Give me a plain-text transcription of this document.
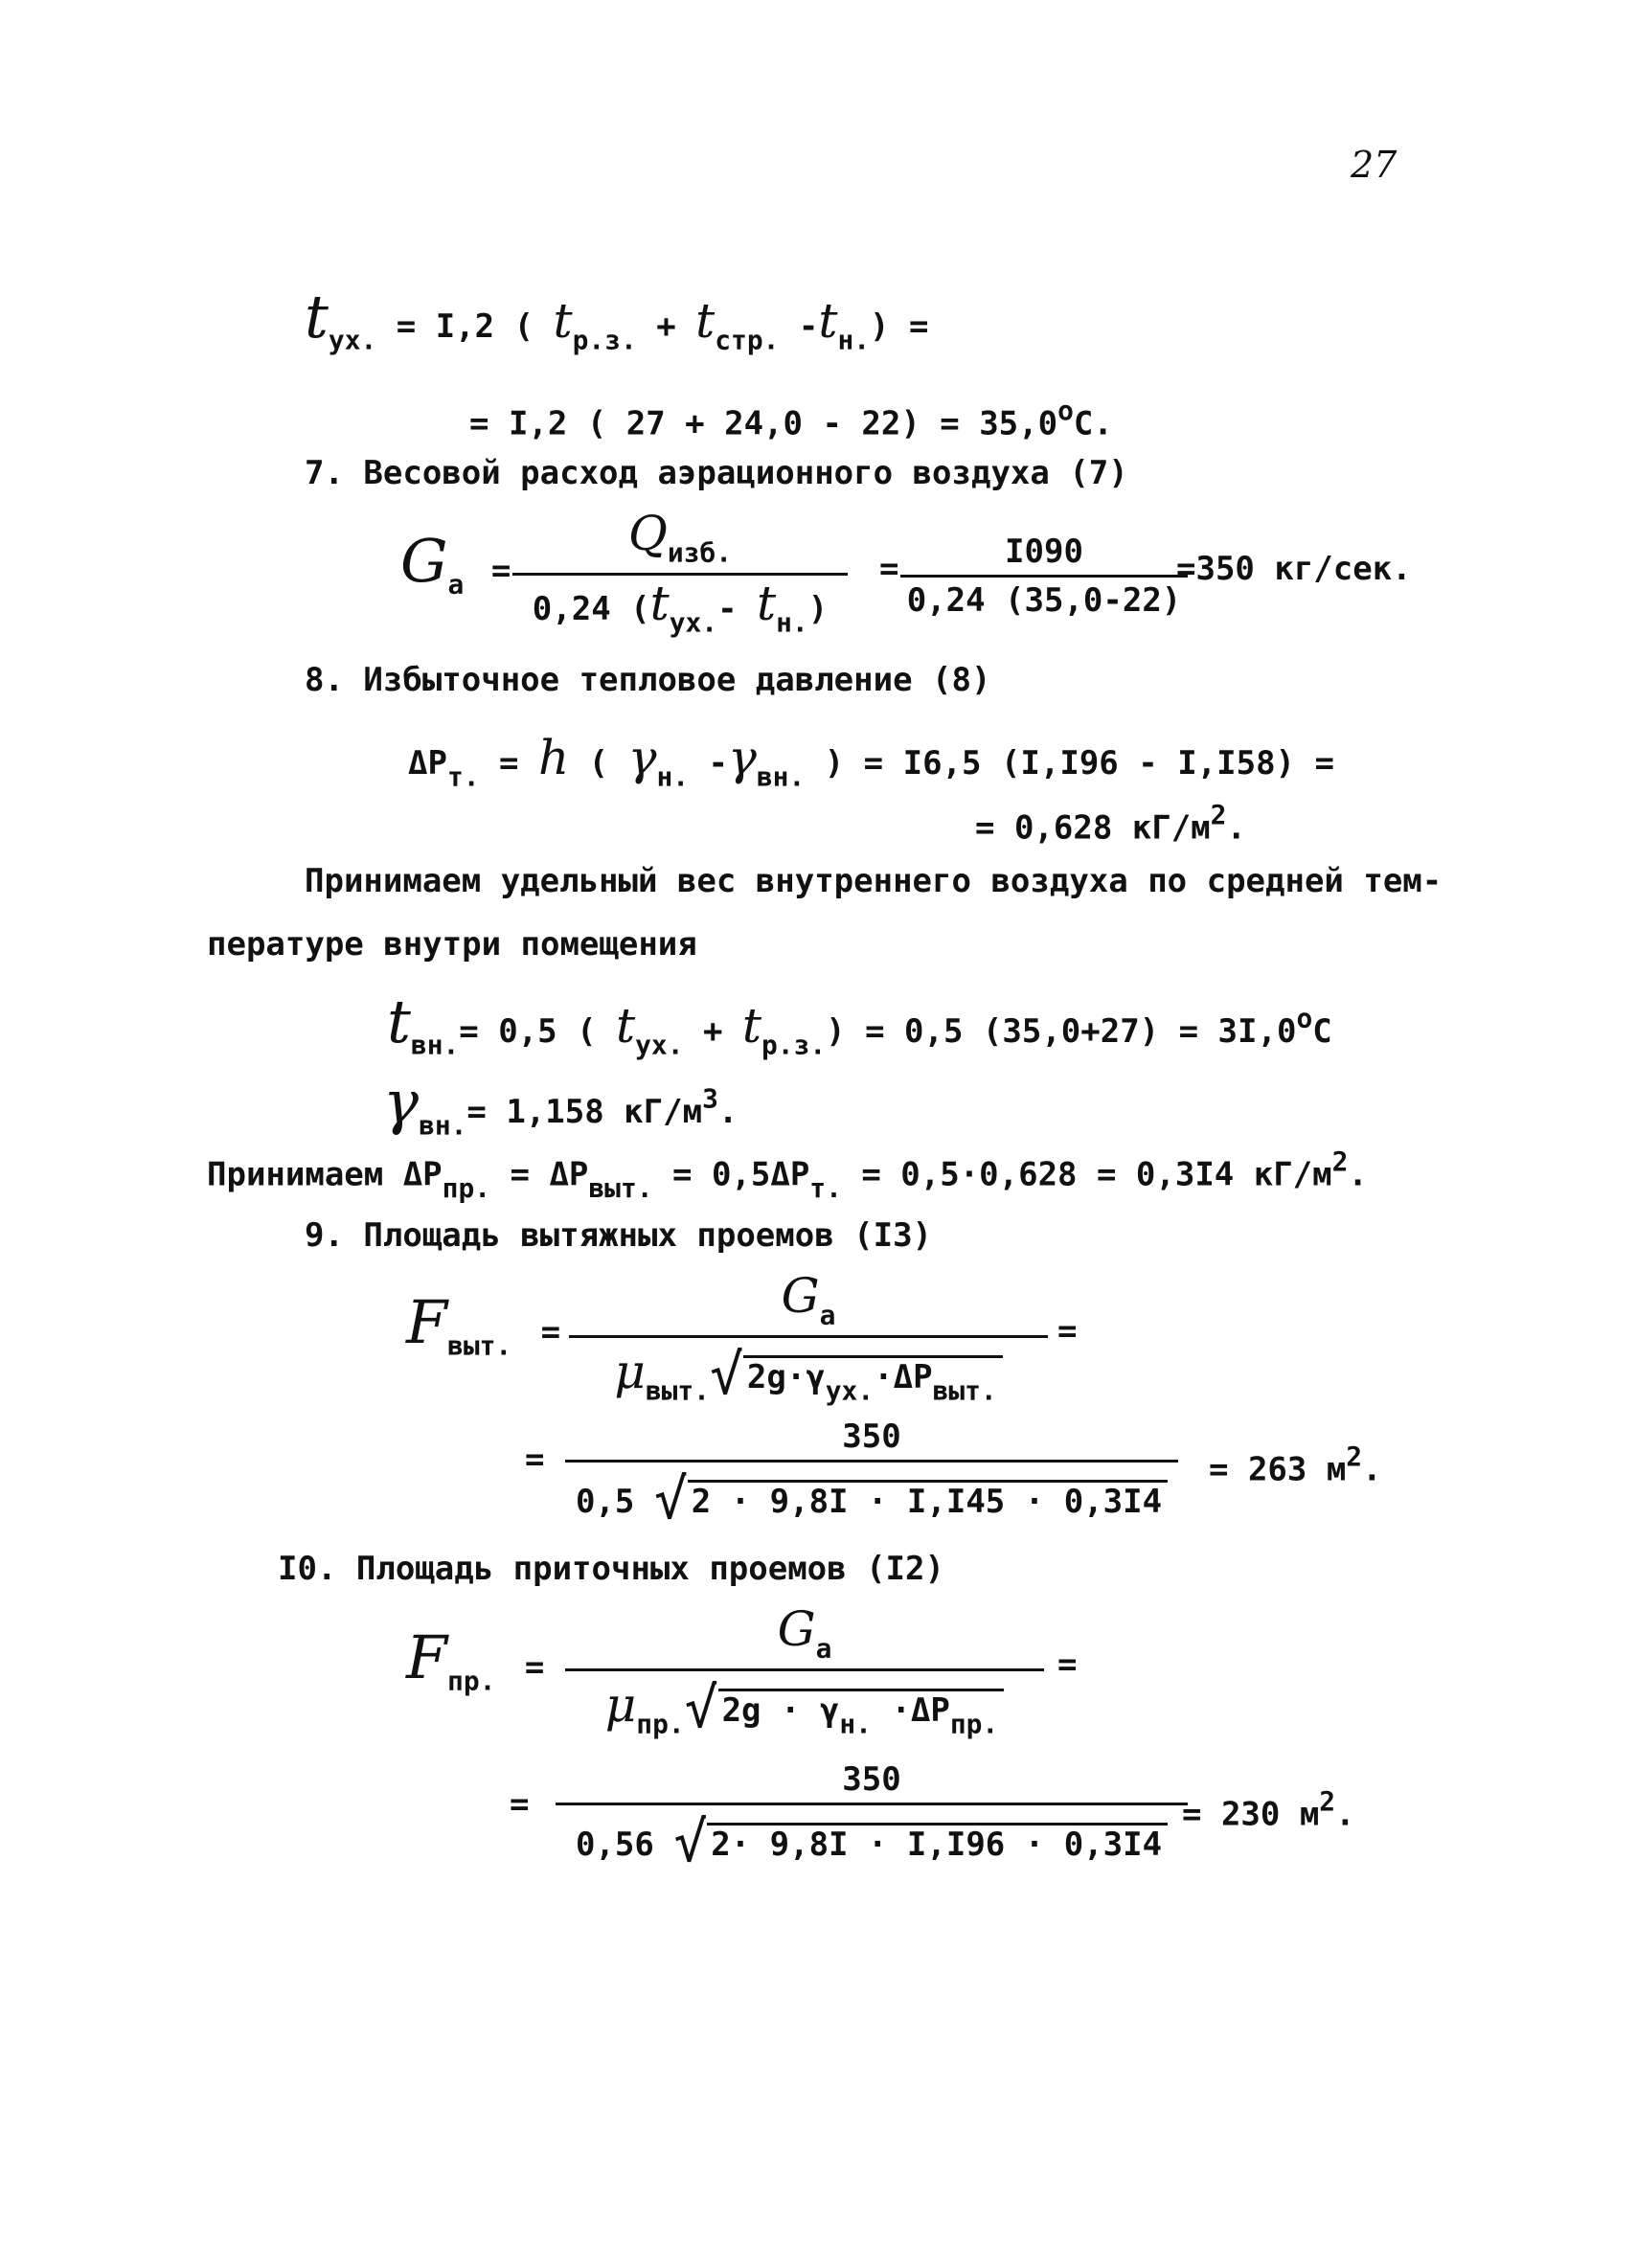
27
$t_{ух.} = I,2$ ( $t_{р.з.} + t_{стр.}$ $-t_{н.}$) =
= I,2 ( $27 + 24,0 - 22) = 35,0^oC$.
7. Весовой расход аэрационного воздуха (7)
$G_а$ =
$Q_{изб.}$
0,24 ($t_{ух.}-$ $t_{н.}$)
=	I090
0,24 (35,0-22)
=350 кг/сек.
8. Избыточное тепловое давление (8)
$\Delta P_{т.} = h$ ( $\gamma_{н.}$ $-\gamma_{вн.}$ ) = I6,5 (I,I96 - I,I58) =
= 0,628 $кГ/м^2$.
Принимаем удельный вес внутреннего воздуха по средней тем-
пературе внутри помещения
$t_{вн.}= 0,5$ ( $t_{ух.} + t_{р.з.}) = 0,5$ $(35,0+27) = 3I,0^oC$
$\gamma_{вн.}= 1,158$ $кГ/м^3$.
Принимаем $\Delta P_{пр.} = \Delta P_{выт.} = 0,5\Delta P_{т.} = 0,5\cdot 0,628 = 0,3I4$ $кГ/м^2$.
9. Площадь вытяжных проемов (I3)
$F_{выт.}$ =
$G_а$
$\mu_{выт.}√$ $2g\cdot\gamma_{ух.}\cdot\Delta P_{выт.}$
=
=
350
0,5 √ 2 · 9,8I · I,I45 · 0,3I4
= 263 $м^2$.
I0. Площадь приточных проемов (I2)
$F_{пр.}$ =
$G_а$
$\mu_{пр.}√$ $2g \cdot \gamma_{н.} \cdot\Delta P_{пр.}$
=
=
350
0,56 √ 2· 9,8I · I,I96 · 0,3I4
= 230 $м^2$.
